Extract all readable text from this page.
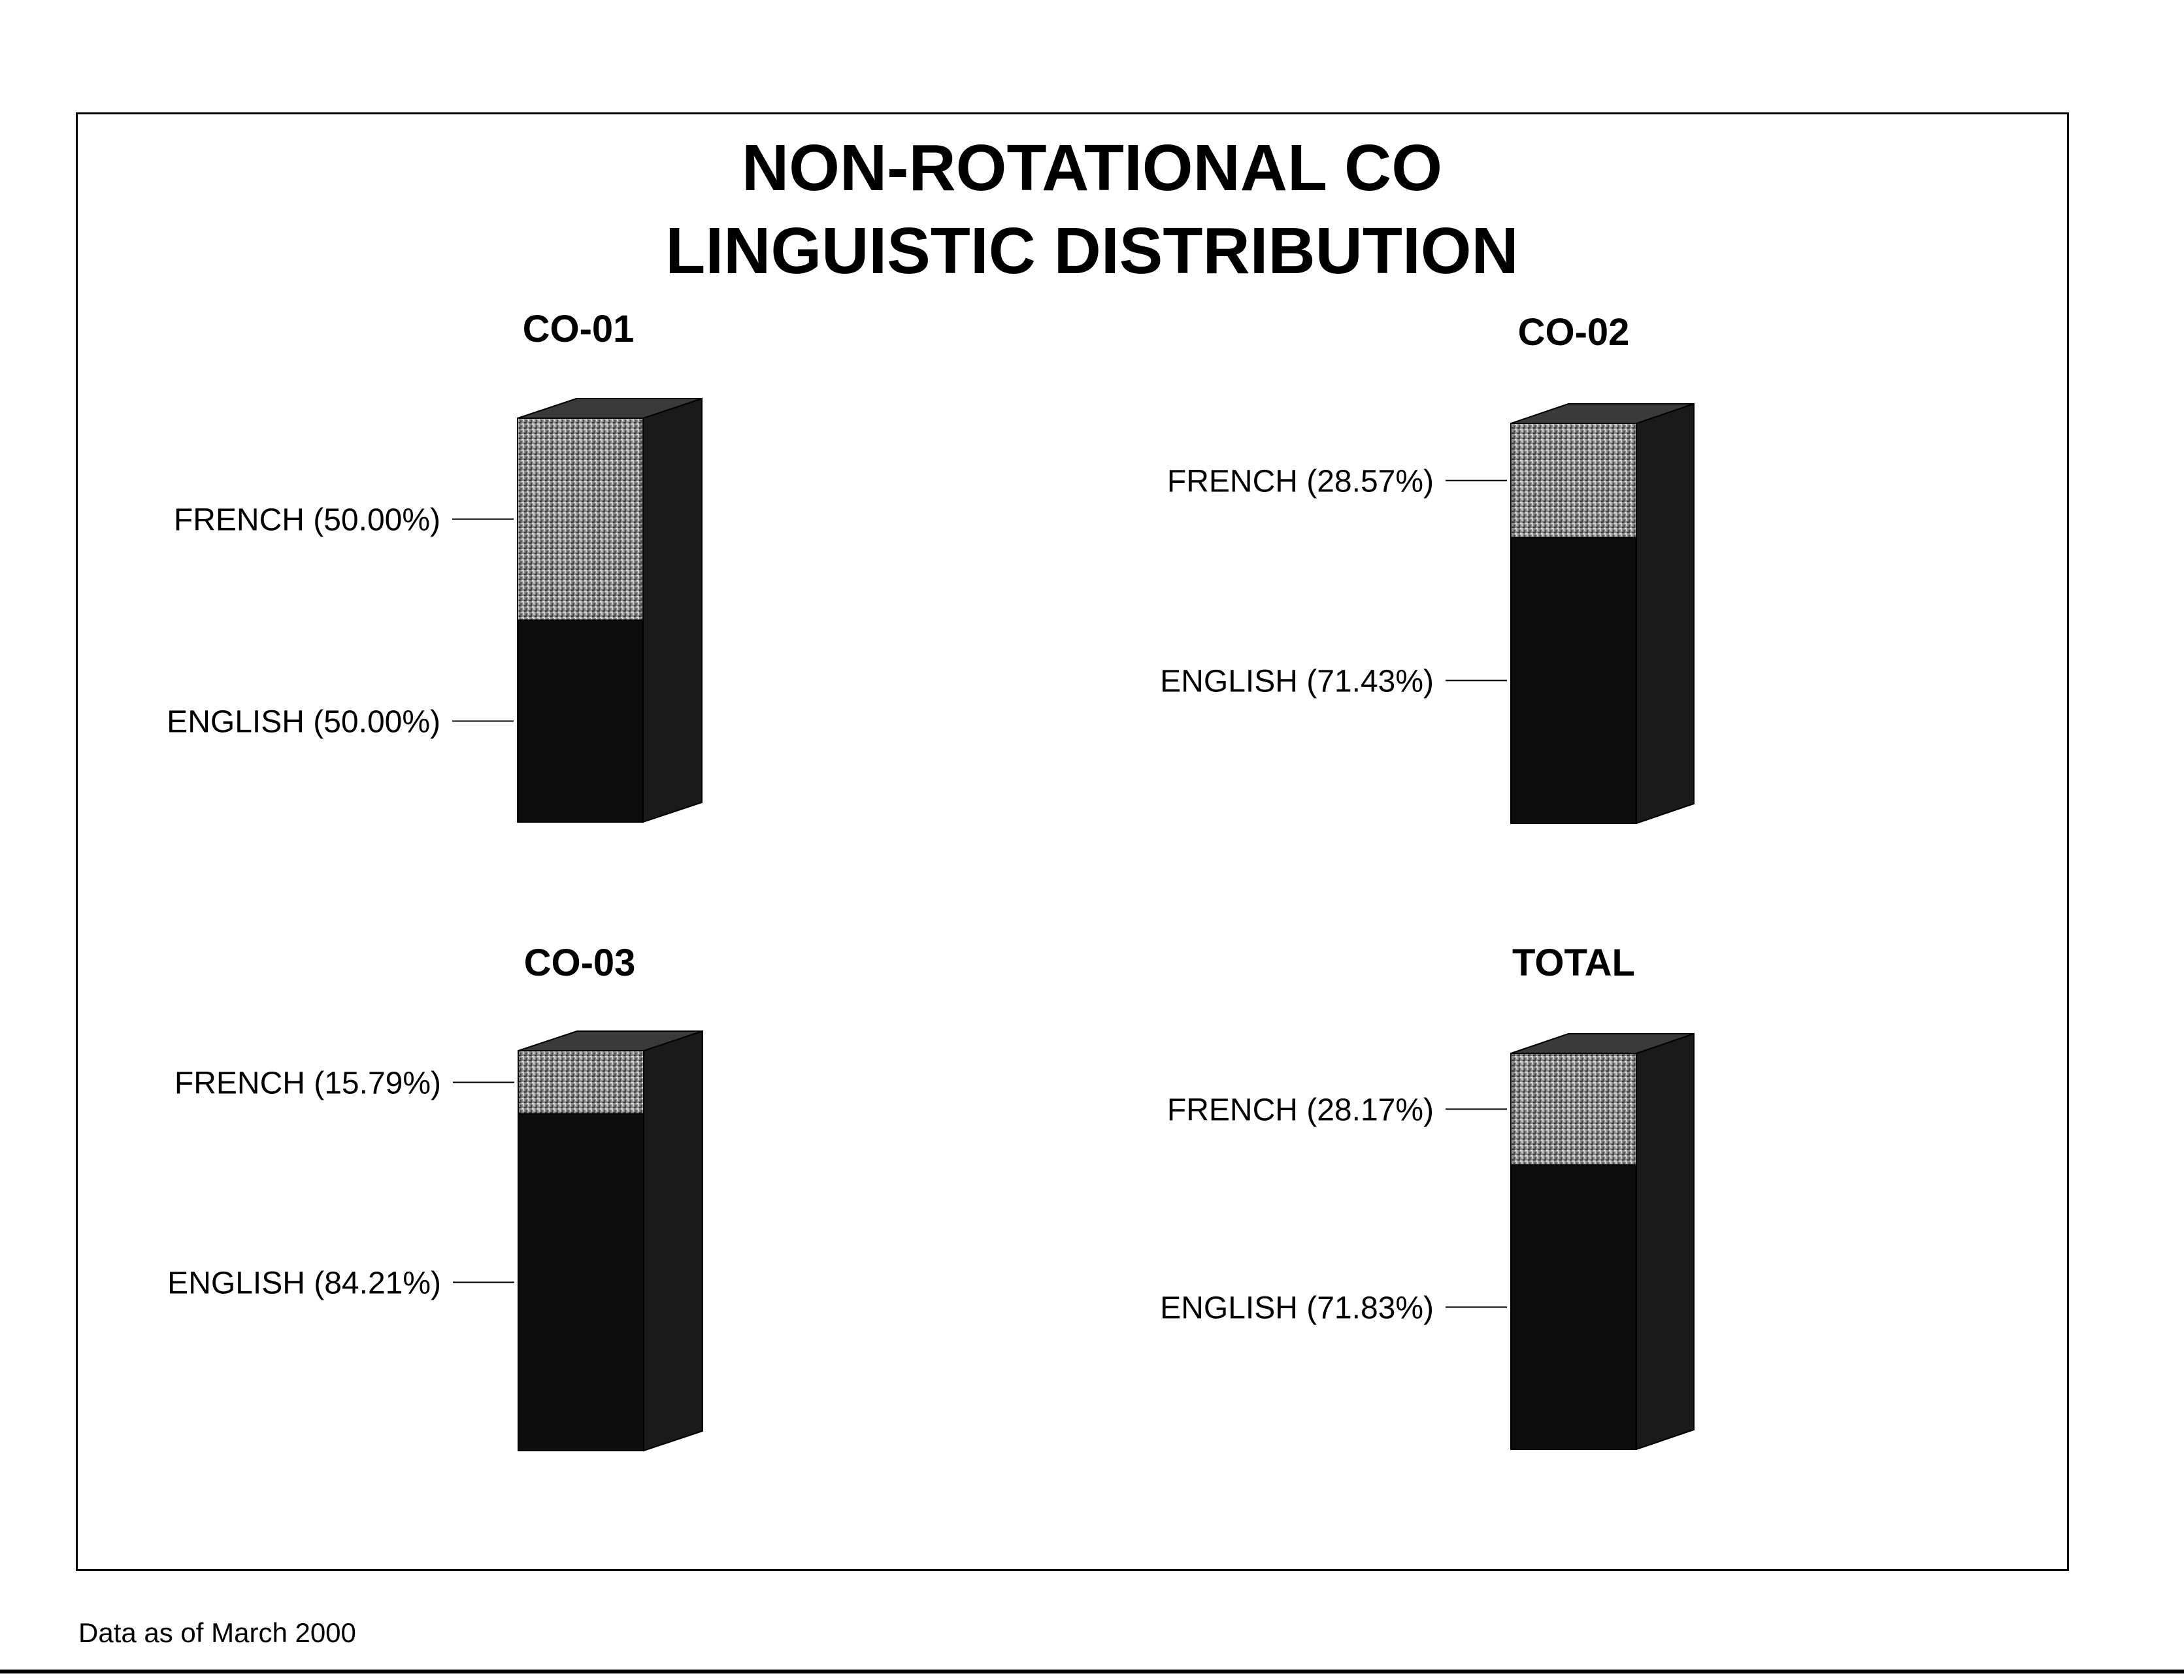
NON-ROTATIONAL CO
LINGUISTIC DISTRIBUTION
CO-01	CO-02
CO-03	TOTAL
FRENCH (50.00%)
ENGLISH (50.00%)
FRENCH (28.57%)
ENGLISH (71.43%)
FRENCH (15.79%)
ENGLISH (84.21%)
FRENCH (28.17%)
ENGLISH (71.83%)
Data as of March 2000
